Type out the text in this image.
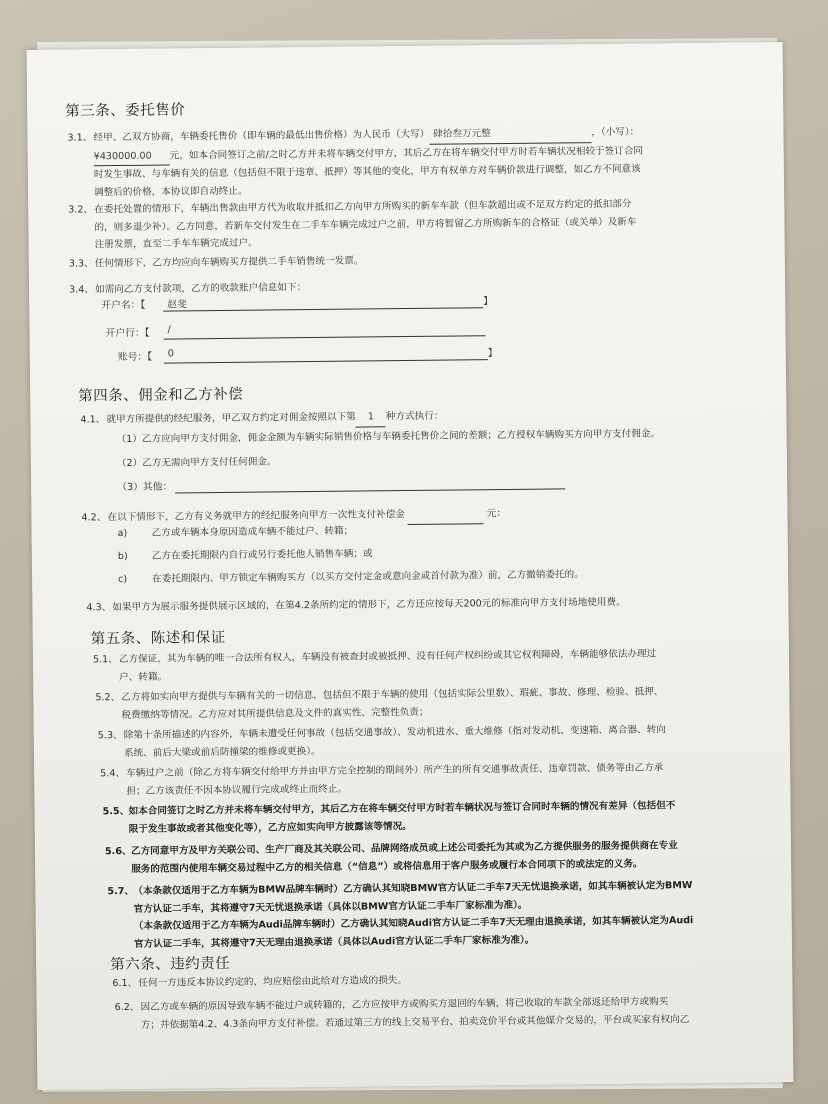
第三条、委托售价
3.1、 经甲、乙双方协商，车辆委托售价（即车辆的最低出售价格）为人民币（大写） 肆拾叁万元整	，（小写）：
¥430000.00 元，如本合同签订之前/之时乙方并未将车辆交付甲方，其后乙方在将车辆交付甲方时若车辆状况相较于签订合同
时发生事故、与车辆有关的信息（包括但不限于违章、抵押）等其他的变化，甲方有权单方对车辆价款进行调整，如乙方不同意该
调整后的价格，本协议即自动终止。
3.2、 在委托处置的情形下，车辆出售款由甲方代为收取并抵扣乙方向甲方所购买的新车车款（但车款超出或不足双方约定的抵扣部分
的，则多退少补）。乙方同意，若新车交付发生在二手车车辆完成过户之前，甲方将暂留乙方所购新车的合格证（或关单）及新车
注册发票，直至二手车车辆完成过户。
3.3、 任何情形下，乙方均应向车辆购买方提供二手车销售统一发票。
3.4、 如需向乙方支付款项，乙方的收款账户信息如下：
开户名：【 赵斐	】
开户行：【 /
账号：【 0	】
第四条、佣金和乙方补偿
4.1、 就甲方所提供的经纪服务，甲乙双方约定对佣金按照以下第 1 种方式执行：
（1）乙方应向甲方支付佣金，佣金金额为车辆实际销售价格与车辆委托售价之间的差额；乙方授权车辆购买方向甲方支付佣金。
（2）乙方无需向甲方支付任何佣金。
（3）其他：
4.2、 在以下情形下，乙方有义务就甲方的经纪服务向甲方一次性支付补偿金	元：
a)	乙方或车辆本身原因造成车辆不能过户、转籍；
b)	乙方在委托期限内自行或另行委托他人销售车辆；或
c)	在委托期限内、甲方锁定车辆购买方（以买方交付定金或意向金或首付款为准）前，乙方撤销委托的。
4.3、 如果甲方为展示服务提供展示区域的，在第4.2条所约定的情形下，乙方还应按每天200元的标准向甲方支付场地使用费。
第五条、陈述和保证
5.1、 乙方保证，其为车辆的唯一合法所有权人，车辆没有被查封或被抵押、没有任何产权纠纷或其它权利障碍，车辆能够依法办理过
户、转籍。
5.2、 乙方将如实向甲方提供与车辆有关的一切信息，包括但不限于车辆的使用（包括实际公里数）、瑕疵、事故、修理、检验、抵押、
税费缴纳等情况。乙方应对其所提供信息及文件的真实性、完整性负责；
5.3、 除第十条所描述的内容外，车辆未遭受任何事故（包括交通事故）、发动机进水、重大维修（指对发动机、变速箱、离合器、转向
系统、前后大梁或前后防撞梁的维修或更换）。
5.4、 车辆过户之前（除乙方将车辆交付给甲方并由甲方完全控制的期间外）所产生的所有交通事故责任、违章罚款、债务等由乙方承
担；乙方该责任不因本协议履行完成或终止而终止。
5.5、 如本合同签订之时乙方并未将车辆交付甲方，其后乙方在将车辆交付甲方时若车辆状况与签订合同时车辆的情况有差异（包括但不
限于发生事故或者其他变化等），乙方应如实向甲方披露该等情况。
5.6、 乙方同意甲方及甲方关联公司、生产厂商及其关联公司、品牌网络成员或上述公司委托为其或为乙方提供服务的服务提供商在专业
服务的范围内使用车辆交易过程中乙方的相关信息（“信息”）或将信息用于客户服务或履行本合同项下的或法定的义务。
5.7、 （本条款仅适用于乙方车辆为BMW品牌车辆时）乙方确认其知晓BMW官方认证二手车7天无忧退换承诺，如其车辆被认定为BMW
官方认证二手车，其将遵守7天无忧退换承诺（具体以BMW官方认证二手车厂家标准为准）。
（本条款仅适用于乙方车辆为Audi品牌车辆时）乙方确认其知晓Audi官方认证二手车7天无理由退换承诺，如其车辆被认定为Audi
官方认证二手车，其将遵守7天无理由退换承诺（具体以Audi官方认证二手车厂家标准为准）。
第六条、违约责任
6.1、 任何一方违反本协议约定的，均应赔偿由此给对方造成的损失。
6.2、 因乙方或车辆的原因导致车辆不能过户或转籍的，乙方应按甲方或购买方退回的车辆，将已收取的车款全部返还给甲方或购买
方；并依据第4.2、4.3条向甲方支付补偿。若通过第三方的线上交易平台、拍卖竞价平台或其他媒介交易的，平台或买家有权向乙
